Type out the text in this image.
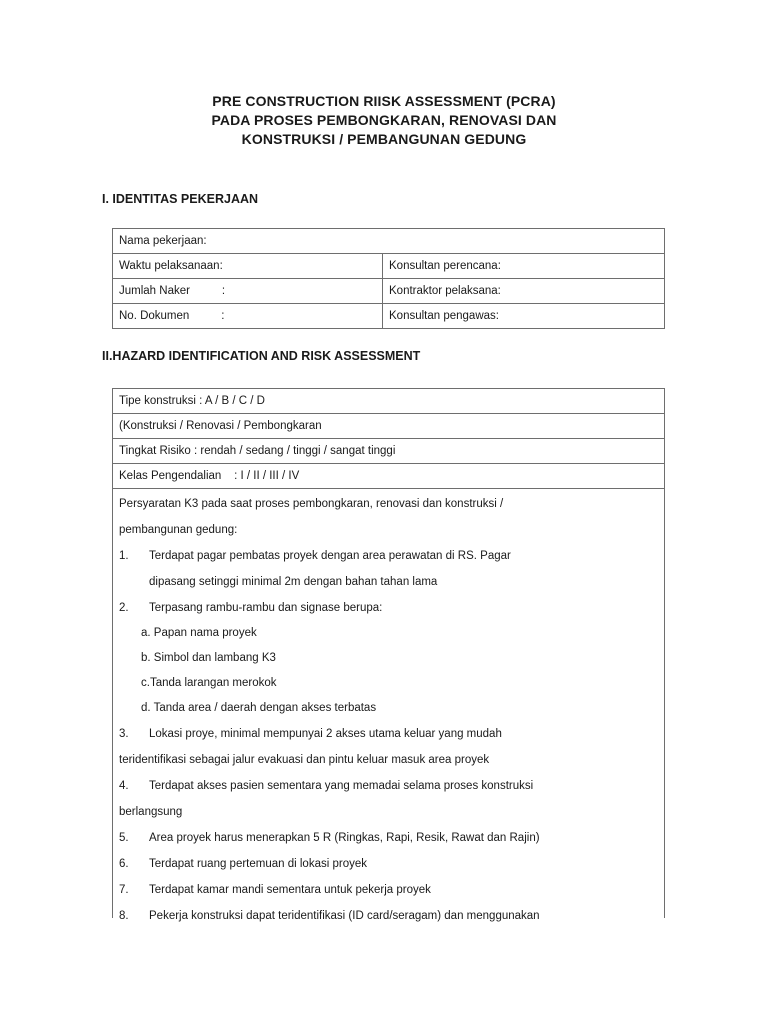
PRE CONSTRUCTION RIISK ASSESSMENT (PCRA)
PADA PROSES PEMBONGKARAN, RENOVASI DAN
KONSTRUKSI / PEMBANGUNAN GEDUNG
I. IDENTITAS PEKERJAAN
Nama pekerjaan:	
Waktu pelaksanaan:	Konsultan perencana:
Jumlah Naker          :	Kontraktor pelaksana:
No. Dokumen          :	Konsultan pengawas:
II.HAZARD IDENTIFICATION AND RISK ASSESSMENT
Tipe konstruksi : A / B / C / D
(Konstruksi / Renovasi / Pembongkaran
Tingkat Risiko : rendah / sedang / tinggi / sangat tinggi
Kelas Pengendalian    : I / II / III / IV
Persyaratan K3 pada saat proses pembongkaran, renovasi dan konstruksi /
pembangunan gedung:
1.	Terdapat pagar pembatas proyek dengan area perawatan di RS. Pagar
dipasang setinggi minimal 2m dengan bahan tahan lama
2.	Terpasang rambu-rambu dan signase berupa:
a. Papan nama proyek
b. Simbol dan lambang K3
c.Tanda larangan merokok
d. Tanda area / daerah dengan akses terbatas
3.	Lokasi proye, minimal mempunyai 2 akses utama keluar yang mudah
teridentifikasi sebagai jalur evakuasi dan pintu keluar masuk area proyek
4.	Terdapat akses pasien sementara yang memadai selama proses konstruksi
berlangsung
5.	Area proyek harus menerapkan 5 R (Ringkas, Rapi, Resik, Rawat dan Rajin)
6.	Terdapat ruang pertemuan di lokasi proyek
7.	Terdapat kamar mandi sementara untuk pekerja proyek
8.	Pekerja konstruksi dapat teridentifikasi (ID card/seragam) dan menggunakan
